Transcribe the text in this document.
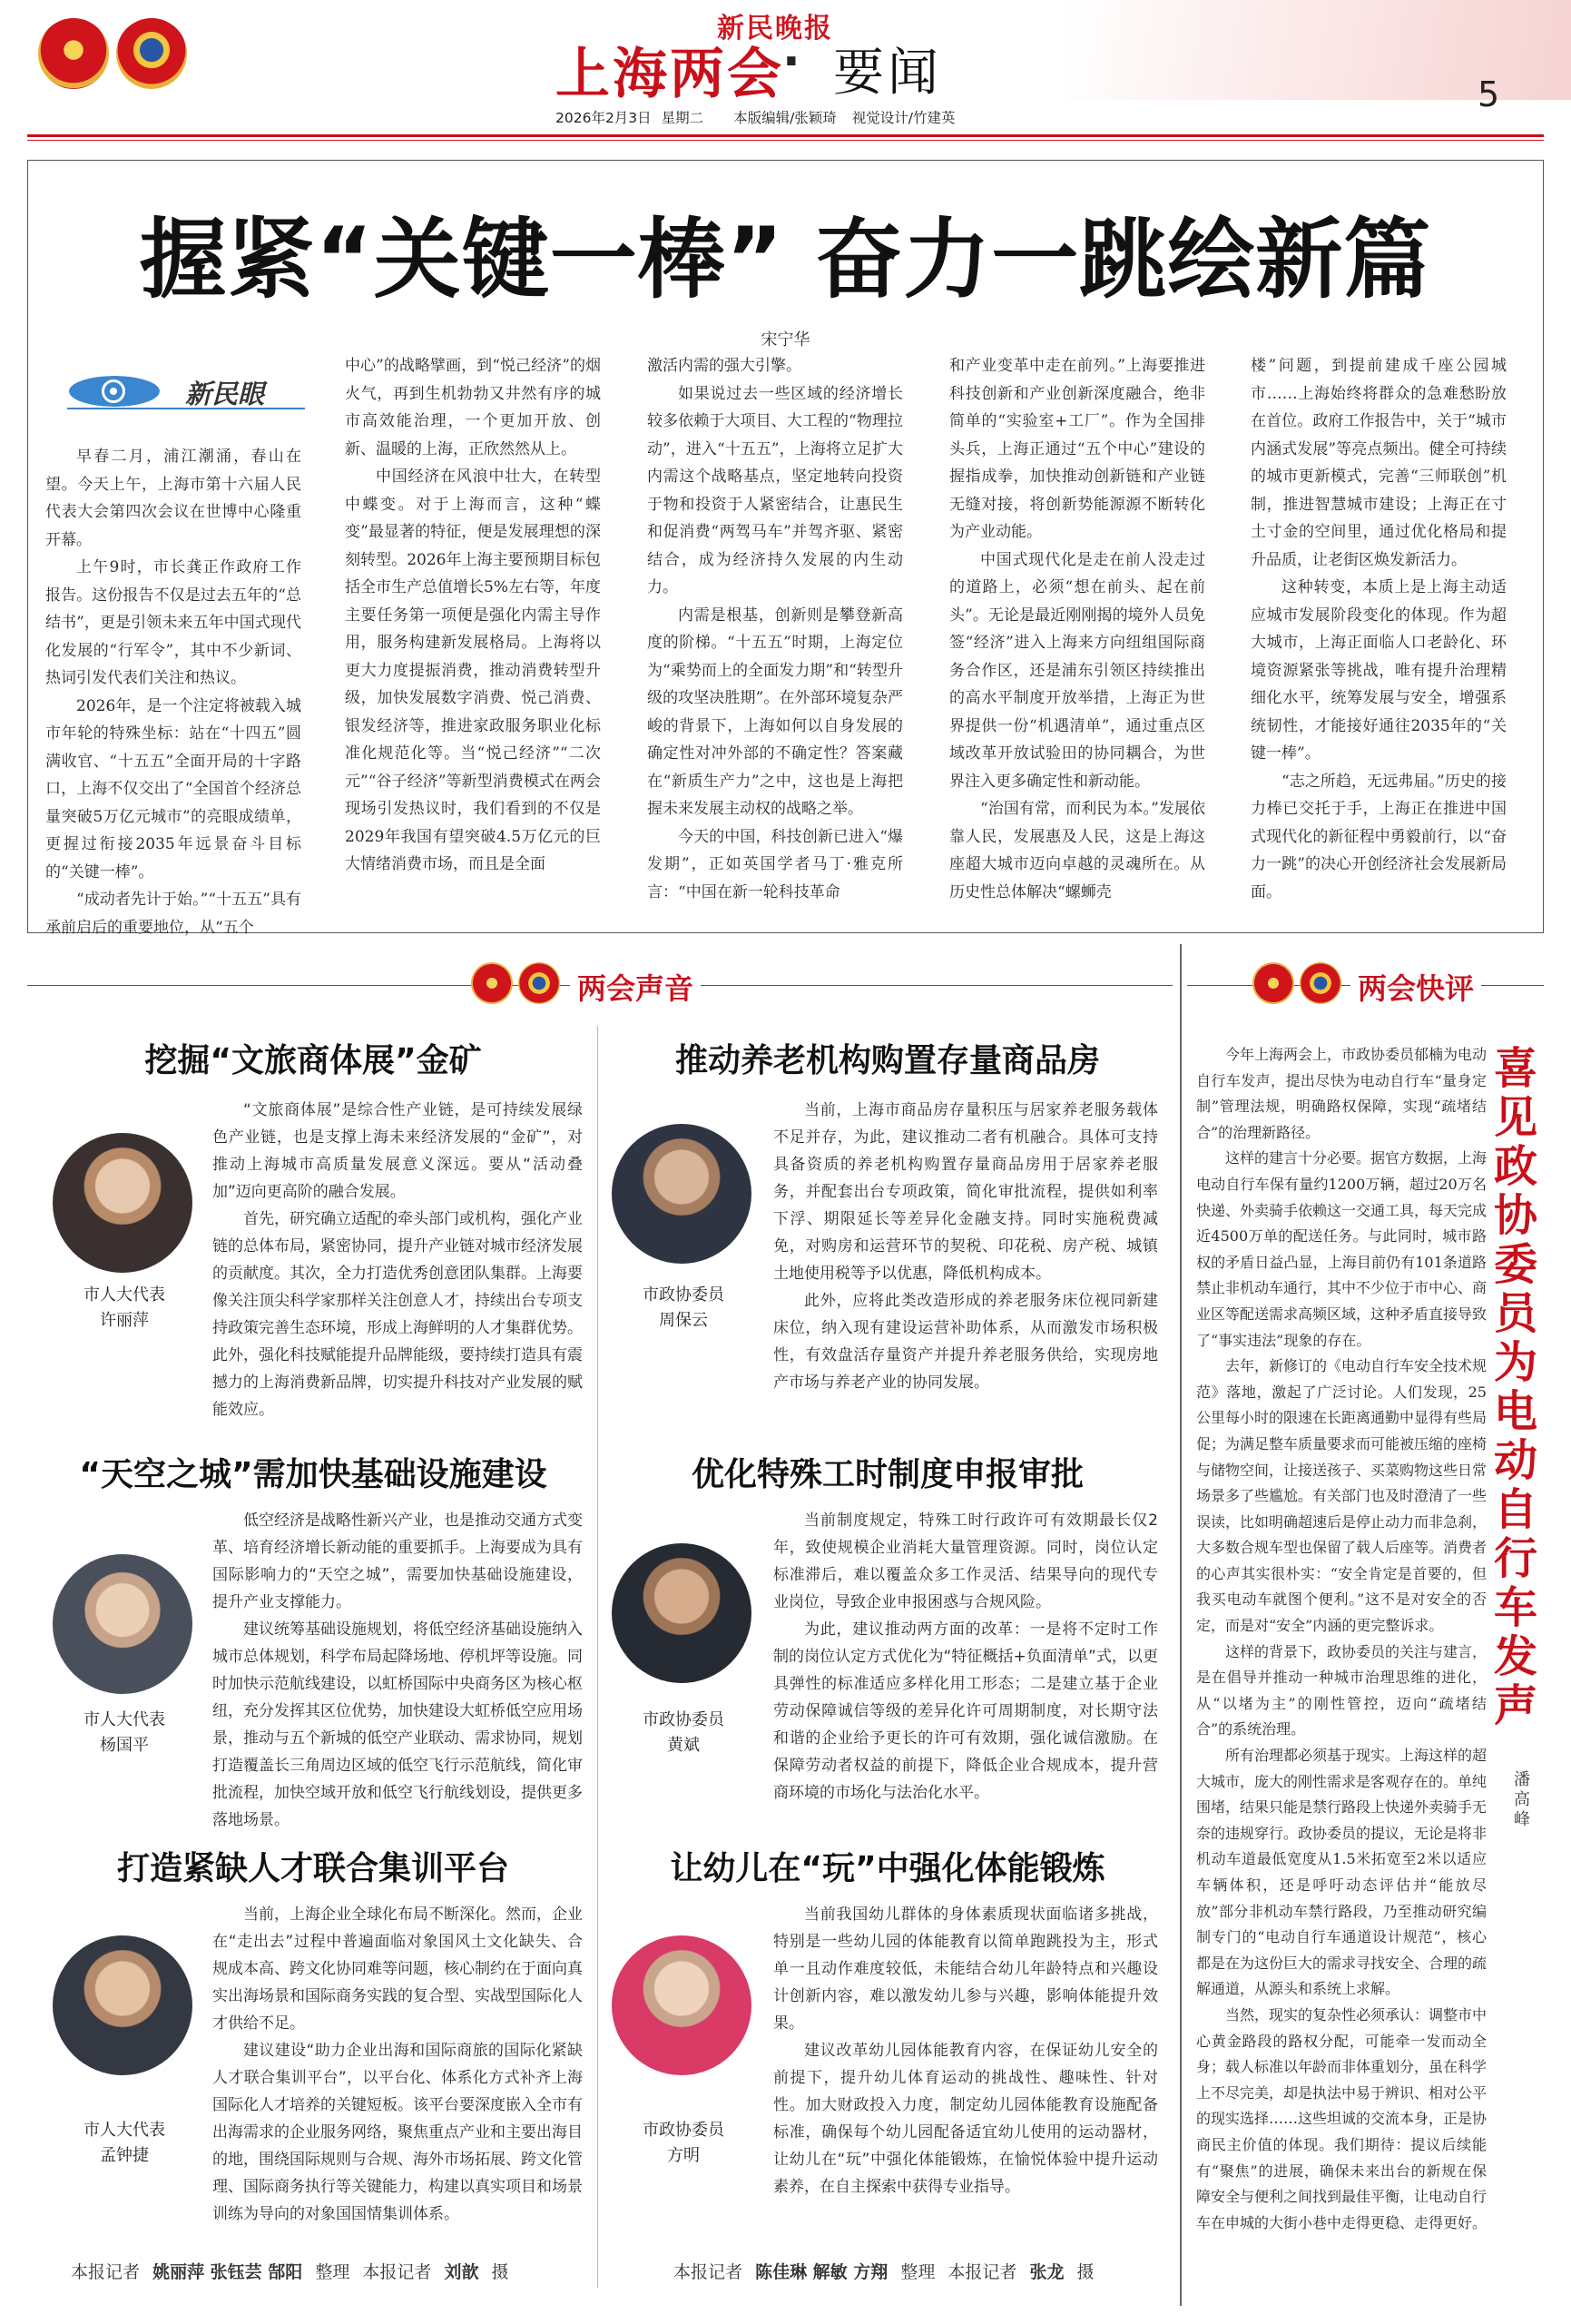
新民晚报
上海两会
· 要闻	5
2026年2月3日 星期二 本版编辑/张颖琦 视觉设计/竹建英
握紧“关键一棒” 奋力一跳绘新篇
宋宁华
新民眼

早春二月，浦江潮涌，春山在望。今天上午，上海市第十六届人民代表大会第四次会议在世博中心隆重开幕。

上午9时，市长龚正作政府工作报告。这份报告不仅是过去五年的“总结书”，更是引领未来五年中国式现代化发展的“行军令”，其中不少新词、热词引发代表们关注和热议。

2026年，是一个注定将被载入城市年轮的特殊坐标：站在“十四五”圆满收官、“十五五”全面开局的十字路口，上海不仅交出了“全国首个经济总量突破5万亿元城市”的亮眼成绩单，更握过衔接2035年远景奋斗目标的“关键一棒”。

“成动者先计于始。”“十五五”具有承前启后的重要地位，从“五个

中心”的战略擘画，到“悦己经济”的烟火气，再到生机勃勃又井然有序的城市高效能治理，一个更加开放、创新、温暖的上海，正欣然然从上。

中国经济在风浪中壮大，在转型中蝶变。对于上海而言，这种“蝶变”最显著的特征，便是发展理想的深刻转型。2026年上海主要预期目标包括全市生产总值增长5%左右等，年度主要任务第一项便是强化内需主导作用，服务构建新发展格局。上海将以更大力度提振消费，推动消费转型升级，加快发展数字消费、悦己消费、银发经济等，推进家政服务职业化标准化规范化等。当“悦己经济”“二次元”“谷子经济”等新型消费模式在两会现场引发热议时，我们看到的不仅是2029年我国有望突破4.5万亿元的巨大情绪消费市场，而且是全面

激活内需的强大引擎。

如果说过去一些区域的经济增长较多依赖于大项目、大工程的“物理拉动”，进入“十五五”，上海将立足扩大内需这个战略基点，坚定地转向投资于物和投资于人紧密结合，让惠民生和促消费“两驾马车”并驾齐驱、紧密结合，成为经济持久发展的内生动力。

内需是根基，创新则是攀登新高度的阶梯。“十五五”时期，上海定位为“乘势而上的全面发力期”和“转型升级的攻坚决胜期”。在外部环境复杂严峻的背景下，上海如何以自身发展的确定性对冲外部的不确定性？答案藏在“新质生产力”之中，这也是上海把握未来发展主动权的战略之举。

今天的中国，科技创新已进入“爆发期”，正如英国学者马丁·雅克所言：“中国在新一轮科技革命

和产业变革中走在前列。”上海要推进科技创新和产业创新深度融合，绝非简单的“实验室+工厂”。作为全国排头兵，上海正通过“五个中心”建设的握指成拳，加快推动创新链和产业链无缝对接，将创新势能源源不断转化为产业动能。

中国式现代化是走在前人没走过的道路上，必须“想在前头、起在前头”。无论是最近刚刚揭的境外人员免签“经济”进入上海来方向纽组国际商务合作区，还是浦东引领区持续推出的高水平制度开放举措，上海正为世界提供一份“机遇清单”，通过重点区域改革开放试验田的协同耦合，为世界注入更多确定性和新动能。

“治国有常，而利民为本。”发展依靠人民，发展惠及人民，这是上海这座超大城市迈向卓越的灵魂所在。从历史性总体解决“螺蛳壳

楼”问题，到提前建成千座公园城市……上海始终将群众的急难愁盼放在首位。政府工作报告中，关于“城市内涵式发展”等亮点频出。健全可持续的城市更新模式，完善“三师联创”机制，推进智慧城市建设；上海正在寸土寸金的空间里，通过优化格局和提升品质，让老街区焕发新活力。

这种转变，本质上是上海主动适应城市发展阶段变化的体现。作为超大城市，上海正面临人口老龄化、环境资源紧张等挑战，唯有提升治理精细化水平，统筹发展与安全，增强系统韧性，才能接好通往2035年的“关键一棒”。

“志之所趋，无远弗届。”历史的接力棒已交托于手，上海正在推进中国式现代化的新征程中勇毅前行，以“奋力一跳”的决心开创经济社会发展新局面。

两会声音
挖掘“文旅商体展”金矿
市人大代表
许丽萍

“文旅商体展”是综合性产业链，是可持续发展绿色产业链，也是支撑上海未来经济发展的“金矿”，对推动上海城市高质量发展意义深远。要从“活动叠加”迈向更高阶的融合发展。

首先，研究确立适配的牵头部门或机构，强化产业链的总体布局，紧密协同，提升产业链对城市经济发展的贡献度。其次，全力打造优秀创意团队集群。上海要像关注顶尖科学家那样关注创意人才，持续出台专项支持政策完善生态环境，形成上海鲜明的人才集群优势。此外，强化科技赋能提升品牌能级，要持续打造具有震撼力的上海消费新品牌，切实提升科技对产业发展的赋能效应。

推动养老机构购置存量商品房
市政协委员
周保云

当前，上海市商品房存量积压与居家养老服务载体不足并存，为此，建议推动二者有机融合。具体可支持具备资质的养老机构购置存量商品房用于居家养老服务，并配套出台专项政策，简化审批流程，提供如利率下浮、期限延长等差异化金融支持。同时实施税费减免，对购房和运营环节的契税、印花税、房产税、城镇土地使用税等予以优惠，降低机构成本。

此外，应将此类改造形成的养老服务床位视同新建床位，纳入现有建设运营补助体系，从而激发市场积极性，有效盘活存量资产并提升养老服务供给，实现房地产市场与养老产业的协同发展。

“天空之城”需加快基础设施建设
市人大代表
杨国平

低空经济是战略性新兴产业，也是推动交通方式变革、培育经济增长新动能的重要抓手。上海要成为具有国际影响力的“天空之城”，需要加快基础设施建设，提升产业支撑能力。

建议统筹基础设施规划，将低空经济基础设施纳入城市总体规划，科学布局起降场地、停机坪等设施。同时加快示范航线建设，以虹桥国际中央商务区为核心枢纽，充分发挥其区位优势，加快建设大虹桥低空应用场景，推动与五个新城的低空产业联动、需求协同，规划打造覆盖长三角周边区域的低空飞行示范航线，简化审批流程，加快空域开放和低空飞行航线划设，提供更多落地场景。

优化特殊工时制度申报审批
市政协委员
黄斌

当前制度规定，特殊工时行政许可有效期最长仅2年，致使规模企业消耗大量管理资源。同时，岗位认定标准滞后，难以覆盖众多工作灵活、结果导向的现代专业岗位，导致企业申报困惑与合规风险。

为此，建议推动两方面的改革：一是将不定时工作制的岗位认定方式优化为“特征概括+负面清单”式，以更具弹性的标准适应多样化用工形态；二是建立基于企业劳动保障诚信等级的差异化许可周期制度，对长期守法和谐的企业给予更长的许可有效期，强化诚信激励。在保障劳动者权益的前提下，降低企业合规成本，提升营商环境的市场化与法治化水平。

打造紧缺人才联合集训平台
市人大代表
孟钟捷

当前，上海企业全球化布局不断深化。然而，企业在“走出去”过程中普遍面临对象国风土文化缺失、合规成本高、跨文化协同难等问题，核心制约在于面向真实出海场景和国际商务实践的复合型、实战型国际化人才供给不足。

建议建设“助力企业出海和国际商旅的国际化紧缺人才联合集训平台”，以平台化、体系化方式补齐上海国际化人才培养的关键短板。该平台要深度嵌入全市有出海需求的企业服务网络，聚焦重点产业和主要出海目的地，围绕国际规则与合规、海外市场拓展、跨文化管理、国际商务执行等关键能力，构建以真实项目和场景训练为导向的对象国国情集训体系。

让幼儿在“玩”中强化体能锻炼
市政协委员
方明

当前我国幼儿群体的身体素质现状面临诸多挑战，特别是一些幼儿园的体能教育以简单跑跳投为主，形式单一且动作难度较低，未能结合幼儿年龄特点和兴趣设计创新内容，难以激发幼儿参与兴趣，影响体能提升效果。

建议改革幼儿园体能教育内容，在保证幼儿安全的前提下，提升幼儿体育运动的挑战性、趣味性、针对性。加大财政投入力度，制定幼儿园体能教育设施配备标准，确保每个幼儿园配备适宜幼儿使用的运动器材，让幼儿在“玩”中强化体能锻炼，在愉悦体验中提升运动素养，在自主探索中获得专业指导。

本报记者 姚丽萍 张钰芸 郜阳 整理 本报记者 刘歆 摄	本报记者 陈佳琳 解敏 方翔 整理 本报记者 张龙 摄
两会快评
喜见政协委员为电动自行车发声
潘高峰

今年上海两会上，市政协委员郁楠为电动自行车发声，提出尽快为电动自行车“量身定制”管理法规，明确路权保障，实现“疏堵结合”的治理新路径。

这样的建言十分必要。据官方数据，上海电动自行车保有量约1200万辆，超过20万名快递、外卖骑手依赖这一交通工具，每天完成近4500万单的配送任务。与此同时，城市路权的矛盾日益凸显，上海目前仍有101条道路禁止非机动车通行，其中不少位于市中心、商业区等配送需求高频区域，这种矛盾直接导致了“事实违法”现象的存在。

去年，新修订的《电动自行车安全技术规范》落地，激起了广泛讨论。人们发现，25公里每小时的限速在长距离通勤中显得有些局促；为满足整车质量要求而可能被压缩的座椅与储物空间，让接送孩子、买菜购物这些日常场景多了些尴尬。有关部门也及时澄清了一些误读，比如明确超速后是停止动力而非急刹，大多数合规车型也保留了载人后座等。消费者的心声其实很朴实：“安全肯定是首要的，但我买电动车就图个便利。”这不是对安全的否定，而是对“安全”内涵的更完整诉求。

这样的背景下，政协委员的关注与建言，是在倡导并推动一种城市治理思维的进化，从“以堵为主”的刚性管控，迈向“疏堵结合”的系统治理。

所有治理都必须基于现实。上海这样的超大城市，庞大的刚性需求是客观存在的。单纯围堵，结果只能是禁行路段上快递外卖骑手无奈的违规穿行。政协委员的提议，无论是将非机动车道最低宽度从1.5米拓宽至2米以适应车辆体积，还是呼吁动态评估并“能放尽放”部分非机动车禁行路段，乃至推动研究编制专门的“电动自行车通道设计规范”，核心都是在为这份巨大的需求寻找安全、合理的疏解通道，从源头和系统上求解。

当然，现实的复杂性必须承认：调整市中心黄金路段的路权分配，可能牵一发而动全身；载人标准以年龄而非体重划分，虽在科学上不尽完美，却是执法中易于辨识、相对公平的现实选择……这些坦诚的交流本身，正是协商民主价值的体现。我们期待：提议后续能有“聚焦”的进展，确保未来出台的新规在保障安全与便利之间找到最佳平衡，让电动自行车在申城的大街小巷中走得更稳、走得更好。
